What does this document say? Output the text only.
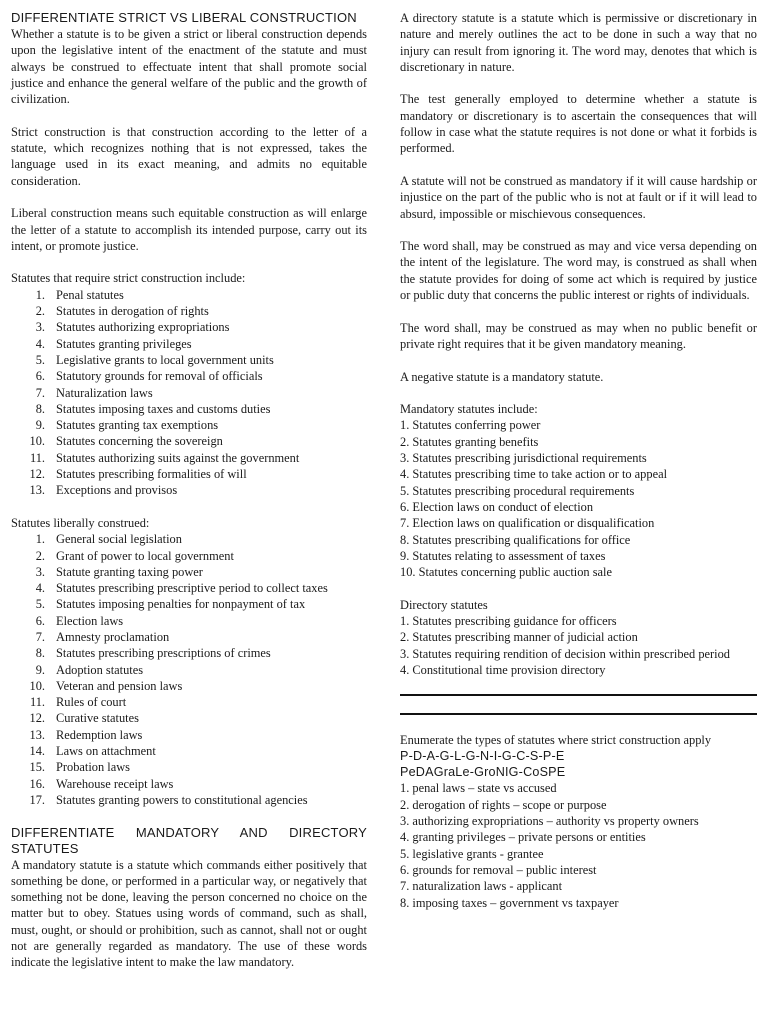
DIFFERENTIATE STRICT VS LIBERAL CONSTRUCTION

Whether a statute is to be given a strict or liberal construction depends upon the legislative intent of the enactment of the statute and must always be construed to effectuate intent that shall promote social justice and enhance the general welfare of the public and the growth of civilization.

Strict construction is that construction according to the letter of a statute, which recognizes nothing that is not expressed, takes the language used in its exact meaning, and admits no equitable consideration.

Liberal construction means such equitable construction as will enlarge the letter of a statute to accomplish its intended purpose, carry out its intent, or promote justice.

Statutes that require strict construction include:

1. Penal statutes
2. Statutes in derogation of rights
3. Statutes authorizing expropriations
4. Statutes granting privileges
5. Legislative grants to local government units
6. Statutory grounds for removal of officials
7. Naturalization laws
8. Statutes imposing taxes and customs duties
9. Statutes granting tax exemptions
10. Statutes concerning the sovereign
11. Statutes authorizing suits against the government
12. Statutes prescribing formalities of will
13. Exceptions and provisos

Statutes liberally construed:

1. General social legislation
2. Grant of power to local government
3. Statute granting taxing power
4. Statutes prescribing prescriptive period to collect taxes
5. Statutes imposing penalties for nonpayment of tax
6. Election laws
7. Amnesty proclamation
8. Statutes prescribing prescriptions of crimes
9. Adoption statutes
10. Veteran and pension laws
11. Rules of court
12. Curative statutes
13. Redemption laws
14. Laws on attachment
15. Probation laws
16. Warehouse receipt laws
17. Statutes granting powers to constitutional agencies
DIFFERENTIATE MANDATORY AND DIRECTORY STATUTES

A mandatory statute is a statute which commands either positively that something be done, or performed in a particular way, or negatively that something not be done, leaving the person concerned no choice on the matter but to obey. Statues using words of command, such as shall, must, ought, or should or prohibition, such as cannot, shall not or ought not are generally regarded as mandatory. The use of these words indicate the legislative intent to make the law mandatory.

A directory statute is a statute which is permissive or discretionary in nature and merely outlines the act to be done in such a way that no injury can result from ignoring it. The word may, denotes that which is discretionary in nature.

The test generally employed to determine whether a statute is mandatory or discretionary is to ascertain the consequences that will follow in case what the statute requires is not done or what it forbids is performed.

A statute will not be construed as mandatory if it will cause hardship or injustice on the part of the public who is not at fault or if it will lead to absurd, impossible or mischievous consequences.

The word shall, may be construed as may and vice versa depending on the intent of the legislature. The word may, is construed as shall when the statute provides for doing of some act which is required by justice or public duty that concerns the public interest or rights of individuals.

The word shall, may be construed as may when no public benefit or private right requires that it be given mandatory meaning.

A negative statute is a mandatory statute.

Mandatory statutes include:

1. Statutes conferring power

2. Statutes granting benefits

3. Statutes prescribing jurisdictional requirements

4. Statutes prescribing time to take action or to appeal

5. Statutes prescribing procedural requirements

6. Election laws on conduct of election

7. Election laws on qualification or disqualification

8. Statutes prescribing qualifications for office

9. Statutes relating to assessment of taxes

10. Statutes concerning public auction sale

Directory statutes

1. Statutes prescribing guidance for officers

2. Statutes prescribing manner of judicial action

3. Statutes requiring rendition of decision within prescribed period

4. Constitutional time provision directory

Enumerate the types of statutes where strict construction apply

P-D-A-G-L-G-N-I-G-C-S-P-E

PeDAGraLe-GroNIG-CoSPE

1. penal laws – state vs accused

2. derogation of rights – scope or purpose

3. authorizing expropriations – authority vs property owners

4. granting privileges – private persons or entities

5. legislative grants - grantee

6. grounds for removal – public interest

7. naturalization laws - applicant

8. imposing taxes – government vs taxpayer
